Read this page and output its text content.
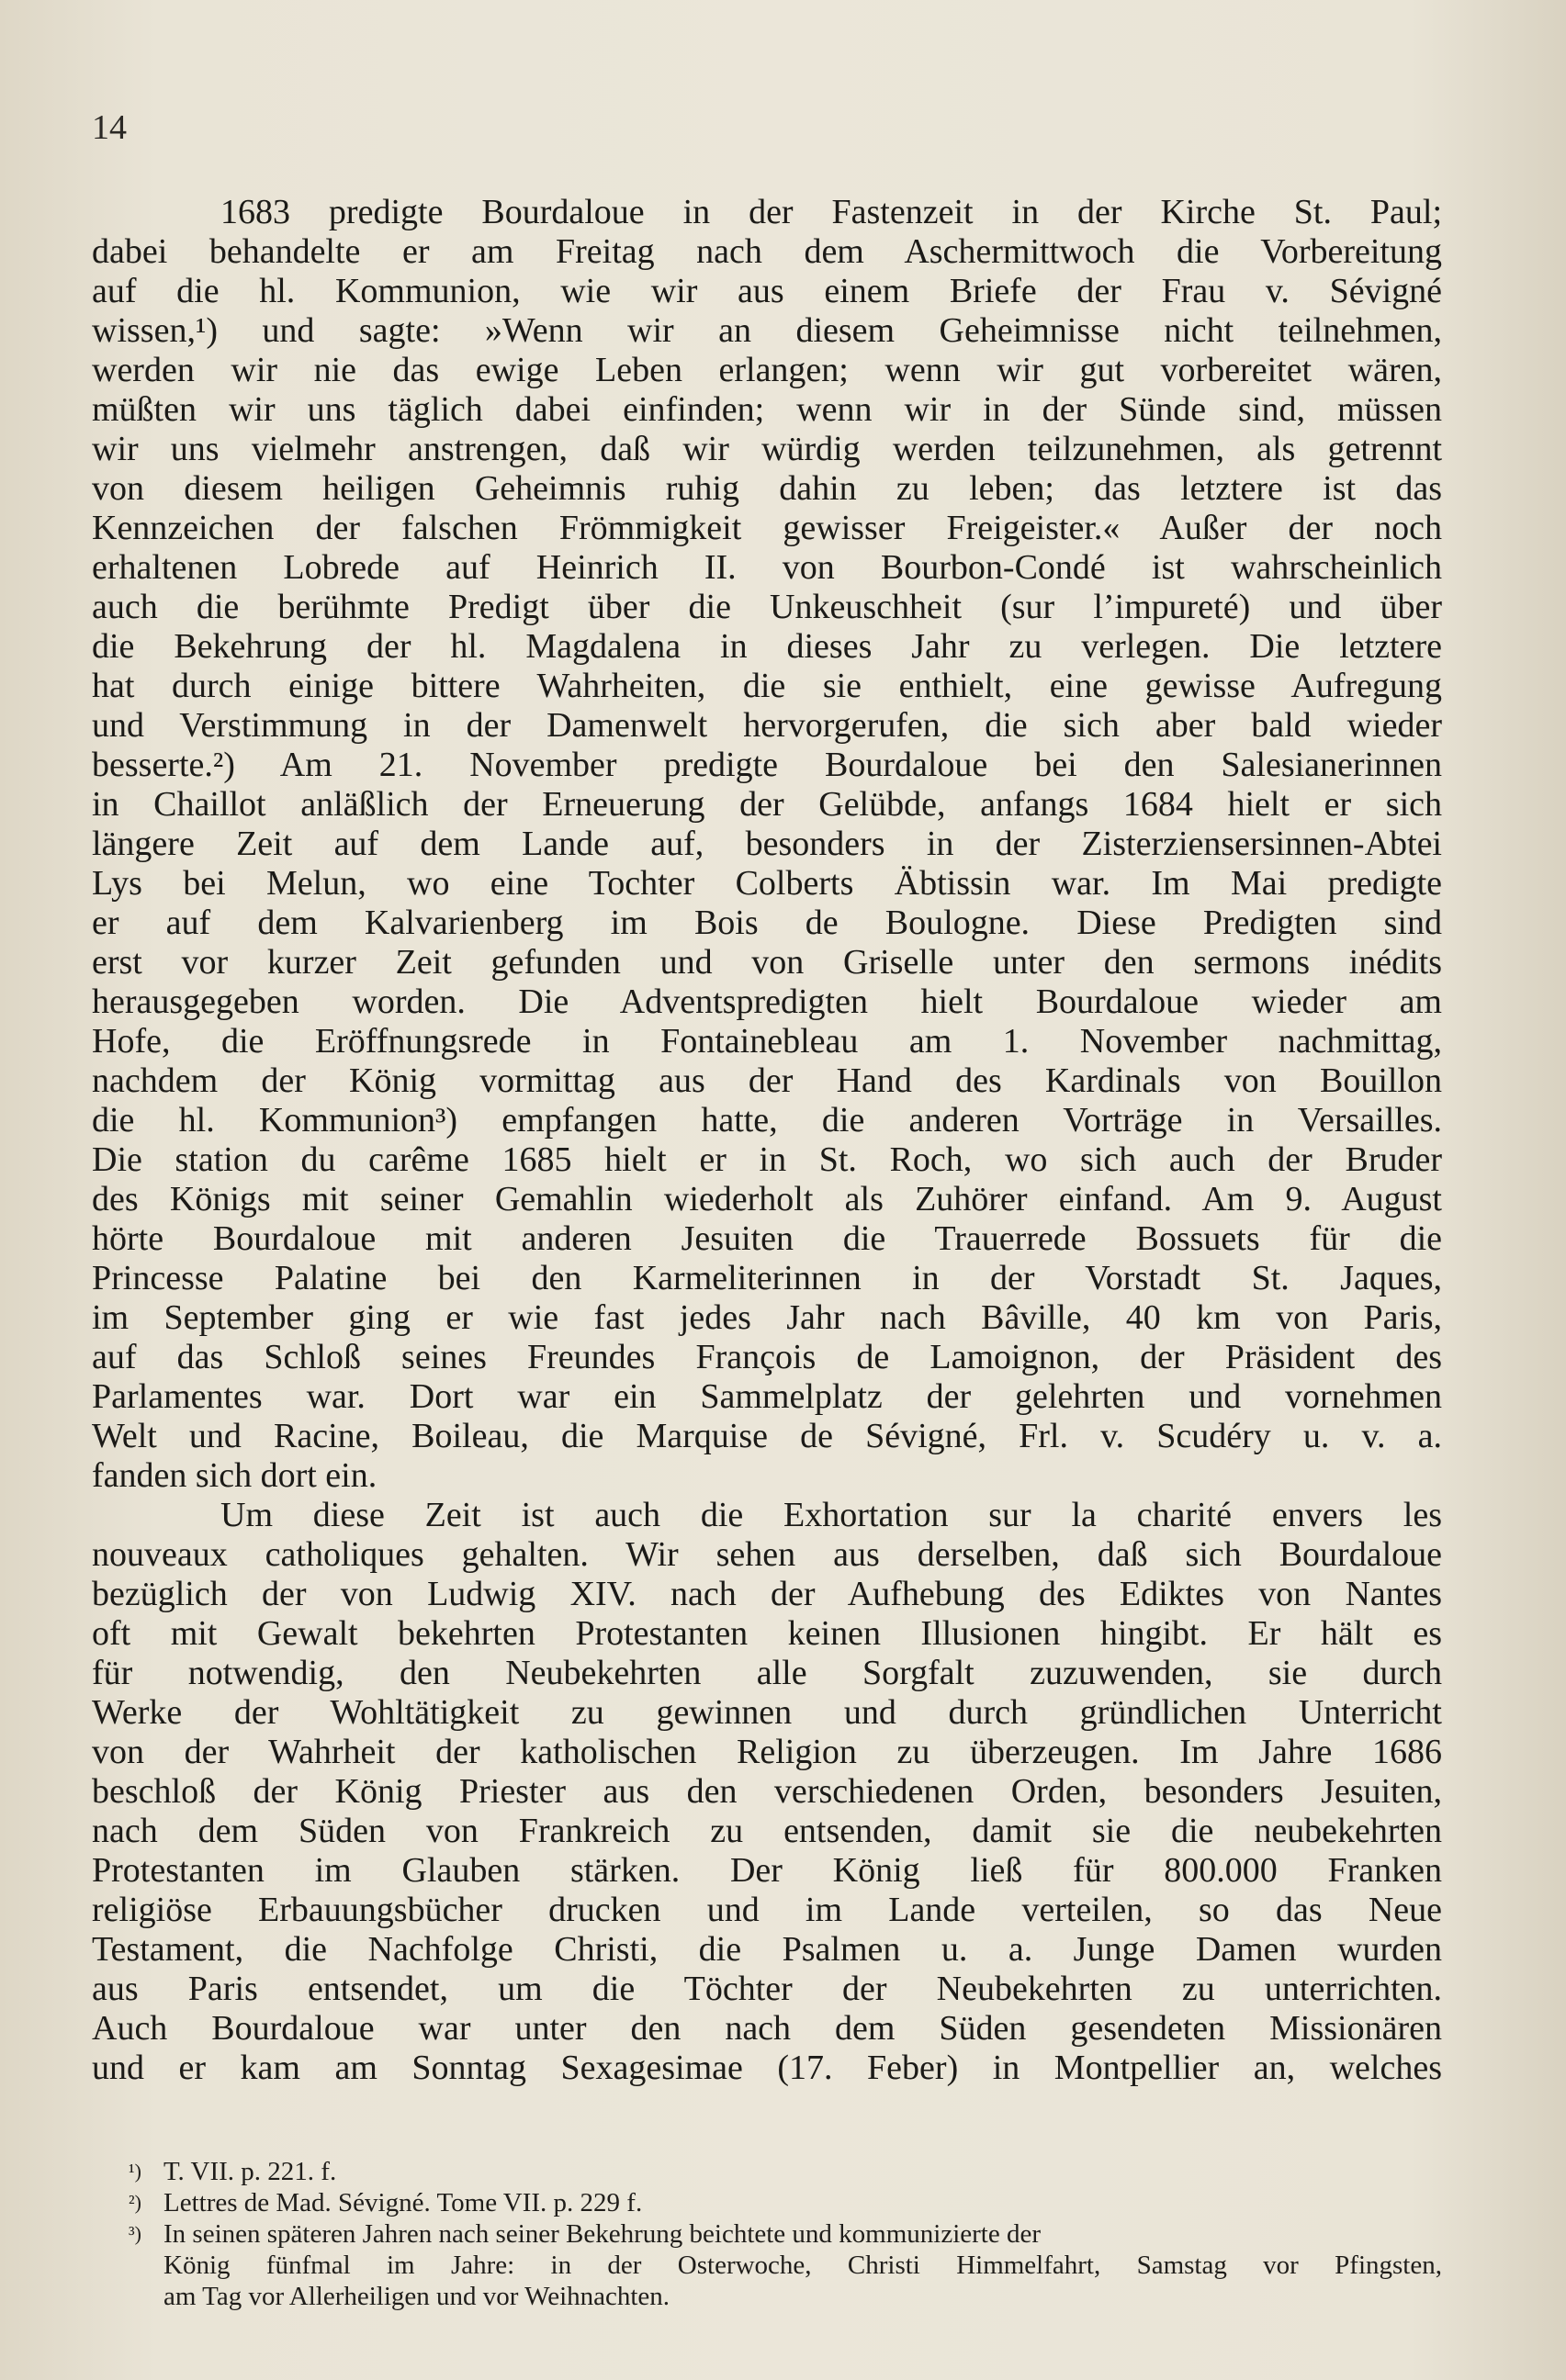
14

1683 predigte Bourdaloue in der Fastenzeit in der Kirche St. Paul;
dabei behandelte er am Freitag nach dem Aschermittwoch die Vorbereitung
auf die hl. Kommunion, wie wir aus einem Briefe der Frau v. Sévigné
wissen,¹) und sagte: »Wenn wir an diesem Geheimnisse nicht teilnehmen,
werden wir nie das ewige Leben erlangen; wenn wir gut vorbereitet wären,
müßten wir uns täglich dabei einfinden; wenn wir in der Sünde sind, müssen
wir uns vielmehr anstrengen, daß wir würdig werden teilzunehmen, als getrennt
von diesem heiligen Geheimnis ruhig dahin zu leben; das letztere ist das
Kennzeichen der falschen Frömmigkeit gewisser Freigeister.« Außer der noch
erhaltenen Lobrede auf Heinrich II. von Bourbon-Condé ist wahrscheinlich
auch die berühmte Predigt über die Unkeuschheit (sur l’impureté) und über
die Bekehrung der hl. Magdalena in dieses Jahr zu verlegen. Die letztere
hat durch einige bittere Wahrheiten, die sie enthielt, eine gewisse Aufregung
und Verstimmung in der Damenwelt hervorgerufen, die sich aber bald wieder
besserte.²) Am 21. November predigte Bourdaloue bei den Salesianerinnen
in Chaillot anläßlich der Erneuerung der Gelübde, anfangs 1684 hielt er sich
längere Zeit auf dem Lande auf, besonders in der Zisterziensersinnen-Abtei
Lys bei Melun, wo eine Tochter Colberts Äbtissin war. Im Mai predigte
er auf dem Kalvarienberg im Bois de Boulogne. Diese Predigten sind
erst vor kurzer Zeit gefunden und von Griselle unter den sermons inédits
herausgegeben worden. Die Adventspredigten hielt Bourdaloue wieder am
Hofe, die Eröffnungsrede in Fontainebleau am 1. November nachmittag,
nachdem der König vormittag aus der Hand des Kardinals von Bouillon
die hl. Kommunion³) empfangen hatte, die anderen Vorträge in Versailles.
Die station du carême 1685 hielt er in St. Roch, wo sich auch der Bruder
des Königs mit seiner Gemahlin wiederholt als Zuhörer einfand. Am 9. August
hörte Bourdaloue mit anderen Jesuiten die Trauerrede Bossuets für die
Princesse Palatine bei den Karmeliterinnen in der Vorstadt St. Jaques,
im September ging er wie fast jedes Jahr nach Bâville, 40 km von Paris,
auf das Schloß seines Freundes François de Lamoignon, der Präsident des
Parlamentes war. Dort war ein Sammelplatz der gelehrten und vornehmen
Welt und Racine, Boileau, die Marquise de Sévigné, Frl. v. Scudéry u. v. a.
fanden sich dort ein.

Um diese Zeit ist auch die Exhortation sur la charité envers les
nouveaux catholiques gehalten. Wir sehen aus derselben, daß sich Bourdaloue
bezüglich der von Ludwig XIV. nach der Aufhebung des Ediktes von Nantes
oft mit Gewalt bekehrten Protestanten keinen Illusionen hingibt. Er hält es
für notwendig, den Neubekehrten alle Sorgfalt zuzuwenden, sie durch
Werke der Wohltätigkeit zu gewinnen und durch gründlichen Unterricht
von der Wahrheit der katholischen Religion zu überzeugen. Im Jahre 1686
beschloß der König Priester aus den verschiedenen Orden, besonders Jesuiten,
nach dem Süden von Frankreich zu entsenden, damit sie die neubekehrten
Protestanten im Glauben stärken. Der König ließ für 800.000 Franken
religiöse Erbauungsbücher drucken und im Lande verteilen, so das Neue
Testament, die Nachfolge Christi, die Psalmen u. a. Junge Damen wurden
aus Paris entsendet, um die Töchter der Neubekehrten zu unterrichten.
Auch Bourdaloue war unter den nach dem Süden gesendeten Missionären
und er kam am Sonntag Sexagesimae (17. Feber) in Montpellier an, welches

¹) T. VII. p. 221. f.
²) Lettres de Mad. Sévigné. Tome VII. p. 229 f.
³) In seinen späteren Jahren nach seiner Bekehrung beichtete und kommunizierte der
König fünfmal im Jahre: in der Osterwoche, Christi Himmelfahrt, Samstag vor Pfingsten,
am Tag vor Allerheiligen und vor Weihnachten.
